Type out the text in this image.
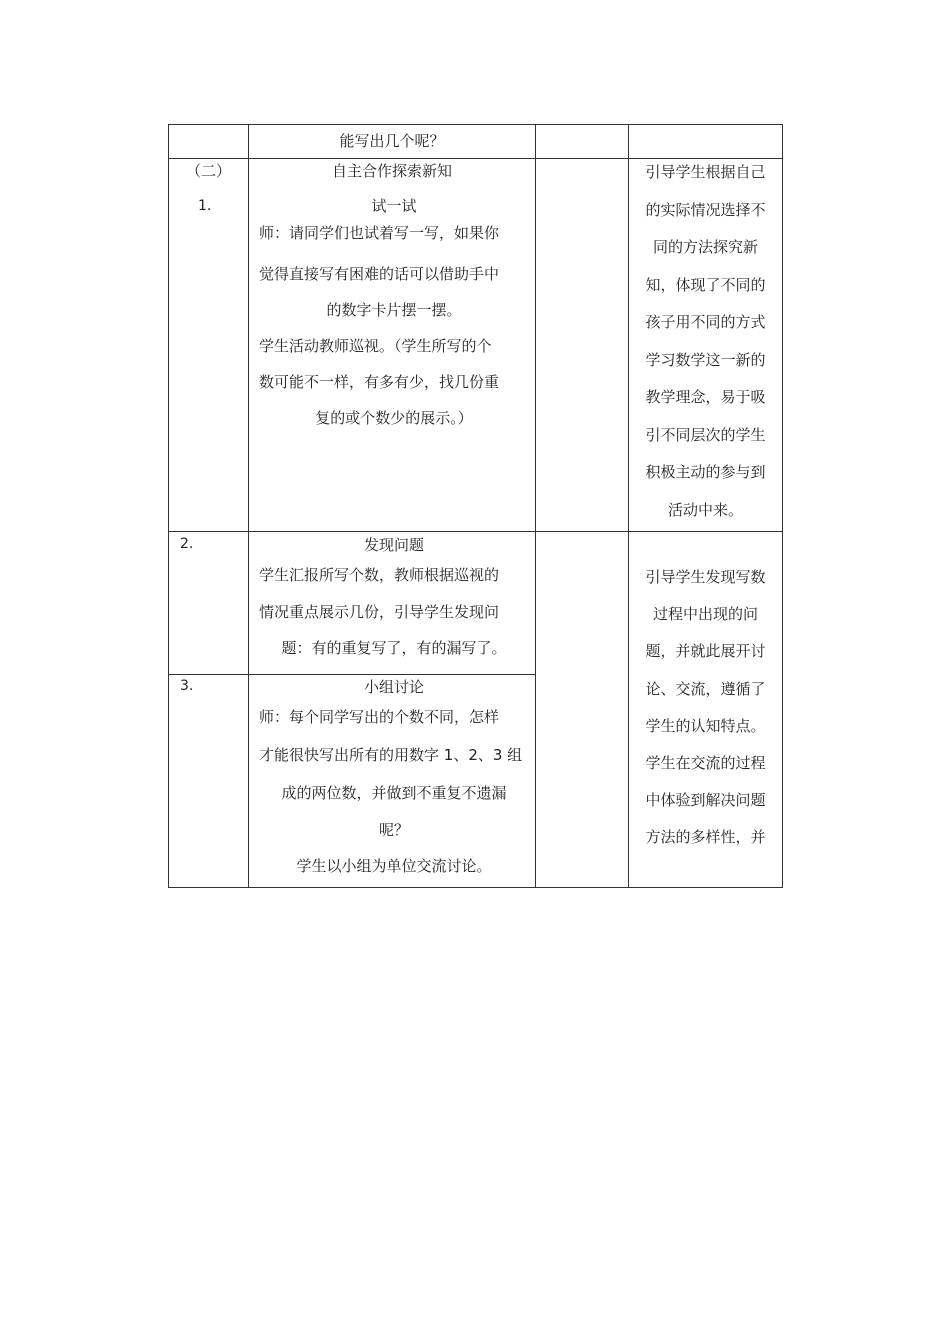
能写出几个呢？
（二）
1.
自主合作探索新知
试一试
师：请同学们也试着写一写，如果你
觉得直接写有困难的话可以借助手中
的数字卡片摆一摆。
学生活动教师巡视。（学生所写的个
数可能不一样，有多有少，找几份重
复的或个数少的展示。）
引导学生根据自己
的实际情况选择不
同的方法探究新
知，体现了不同的
孩子用不同的方式
学习数学这一新的
教学理念，易于吸
引不同层次的学生
积极主动的参与到
活动中来。
2.	发现问题
学生汇报所写个数，教师根据巡视的
情况重点展示几份，引导学生发现问
题：有的重复写了，有的漏写了。
3.	小组讨论
师：每个同学写出的个数不同，怎样
才能很快写出所有的用数字 1、2、3 组
成的两位数，并做到不重复不遗漏
呢？
学生以小组为单位交流讨论。
引导学生发现写数
过程中出现的问
题，并就此展开讨
论、交流，遵循了
学生的认知特点。
学生在交流的过程
中体验到解决问题
方法的多样性，并
